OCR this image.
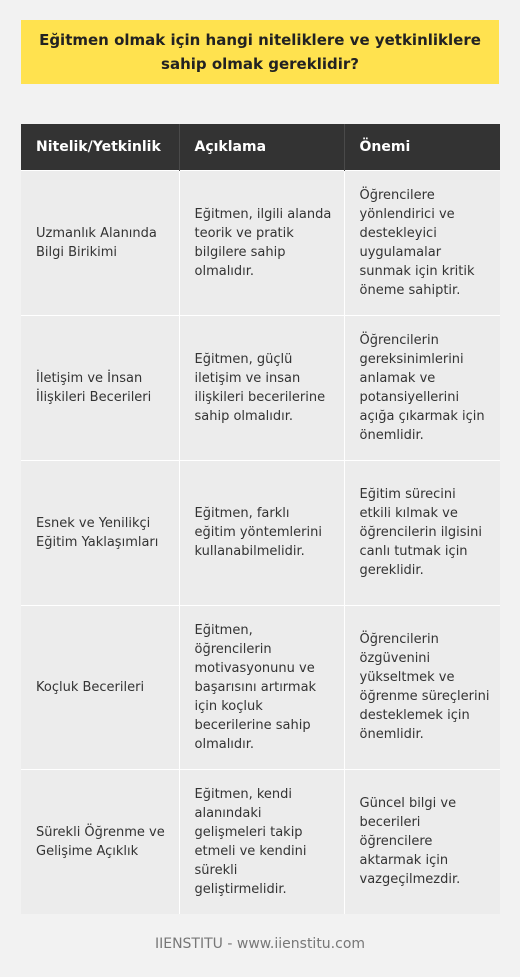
Eğitmen olmak için hangi niteliklere ve yetkinliklere sahip olmak gereklidir?
Nitelik/Yetkinlik	Açıklama	Önemi
Uzmanlık Alanında Bilgi Birikimi	Eğitmen, ilgili alanda teorik ve pratik bilgilere sahip olmalıdır.	Öğrencilere yönlendirici ve destekleyici uygulamalar sunmak için kritik öneme sahiptir.
İletişim ve İnsan İlişkileri Becerileri	Eğitmen, güçlü iletişim ve insan ilişkileri becerilerine sahip olmalıdır.	Öğrencilerin gereksinimlerini anlamak ve potansiyellerini açığa çıkarmak için önemlidir.
Esnek ve Yenilikçi Eğitim Yaklaşımları	Eğitmen, farklı eğitim yöntemlerini kullanabilmelidir.	Eğitim sürecini etkili kılmak ve öğrencilerin ilgisini canlı tutmak için gereklidir.
Koçluk Becerileri	Eğitmen, öğrencilerin motivasyonunu ve başarısını artırmak için koçluk becerilerine sahip olmalıdır.	Öğrencilerin özgüvenini yükseltmek ve öğrenme süreçlerini desteklemek için önemlidir.
Sürekli Öğrenme ve Gelişime Açıklık	Eğitmen, kendi alanındaki gelişmeleri takip etmeli ve kendini sürekli geliştirmelidir.	Güncel bilgi ve becerileri öğrencilere aktarmak için vazgeçilmezdir.
IIENSTITU - www.iienstitu.com
